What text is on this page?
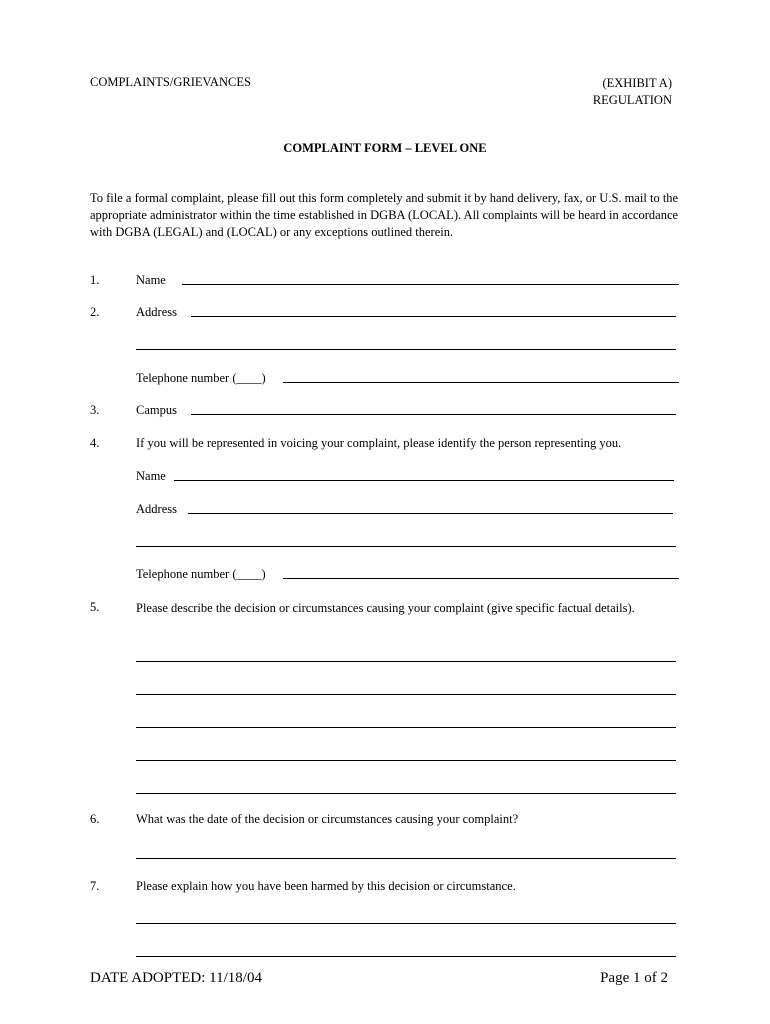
COMPLAINTS/GRIEVANCES	(EXHIBIT A)
REGULATION
COMPLAINT FORM – LEVEL ONE
To file a formal complaint, please fill out this form completely and submit it by hand delivery, fax, or U.S. mail to the appropriate administrator within the time established in DGBA (LOCAL). All complaints will be heard in accordance with DGBA (LEGAL) and (LOCAL) or any exceptions outlined therein.
1.	Name
2.	Address
Telephone number (____)
3.	Campus
4.	If you will be represented in voicing your complaint, please identify the person representing you.
Name
Address
Telephone number (____)
5.	Please describe the decision or circumstances causing your complaint (give specific factual details).
6.	What was the date of the decision or circumstances causing your complaint?
7.	Please explain how you have been harmed by this decision or circumstance.
DATE ADOPTED: 11/18/04	Page 1 of 2
